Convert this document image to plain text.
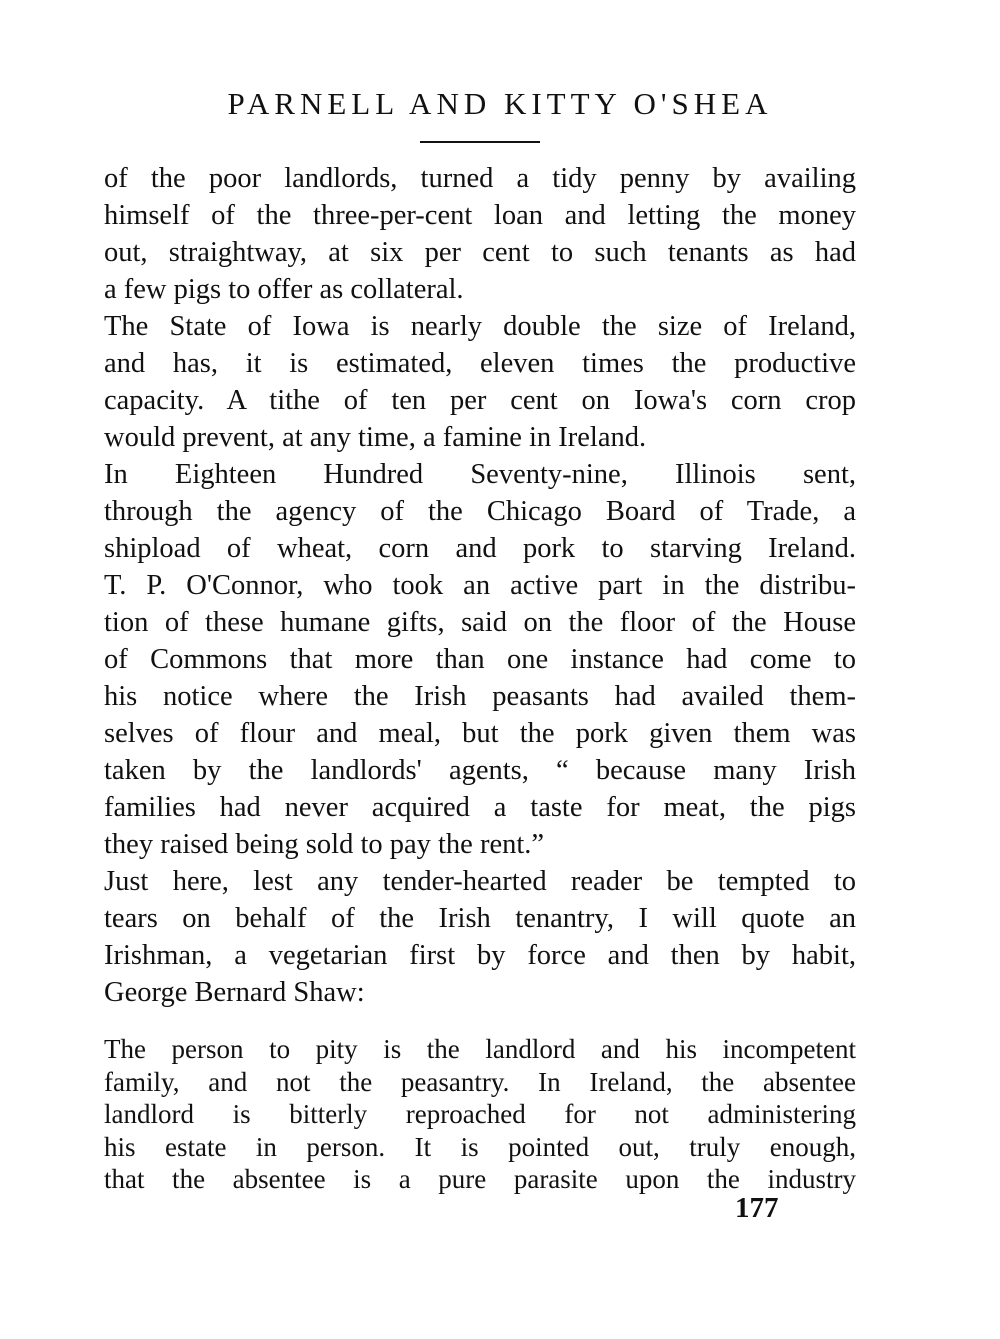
PARNELL AND KITTY O'SHEA
of the poor landlords, turned a tidy penny by availing
himself of the three-per-cent loan and letting the money
out, straightway, at six per cent to such tenants as had
a few pigs to offer as collateral.
The State of Iowa is nearly double the size of Ireland,
and has, it is estimated, eleven times the productive
capacity. A tithe of ten per cent on Iowa's corn crop
would prevent, at any time, a famine in Ireland.
In Eighteen Hundred Seventy-nine, Illinois sent,
through the agency of the Chicago Board of Trade, a
shipload of wheat, corn and pork to starving Ireland.
T. P. O'Connor, who took an active part in the distribu-
tion of these humane gifts, said on the floor of the House
of Commons that more than one instance had come to
his notice where the Irish peasants had availed them-
selves of flour and meal, but the pork given them was
taken by the landlords' agents, “ because many Irish
families had never acquired a taste for meat, the pigs
they raised being sold to pay the rent.”
Just here, lest any tender-hearted reader be tempted to
tears on behalf of the Irish tenantry, I will quote an
Irishman, a vegetarian first by force and then by habit,
George Bernard Shaw:
The person to pity is the landlord and his incompetent
family, and not the peasantry. In Ireland, the absentee
landlord is bitterly reproached for not administering
his estate in person. It is pointed out, truly enough,
that the absentee is a pure parasite upon the industry
177
